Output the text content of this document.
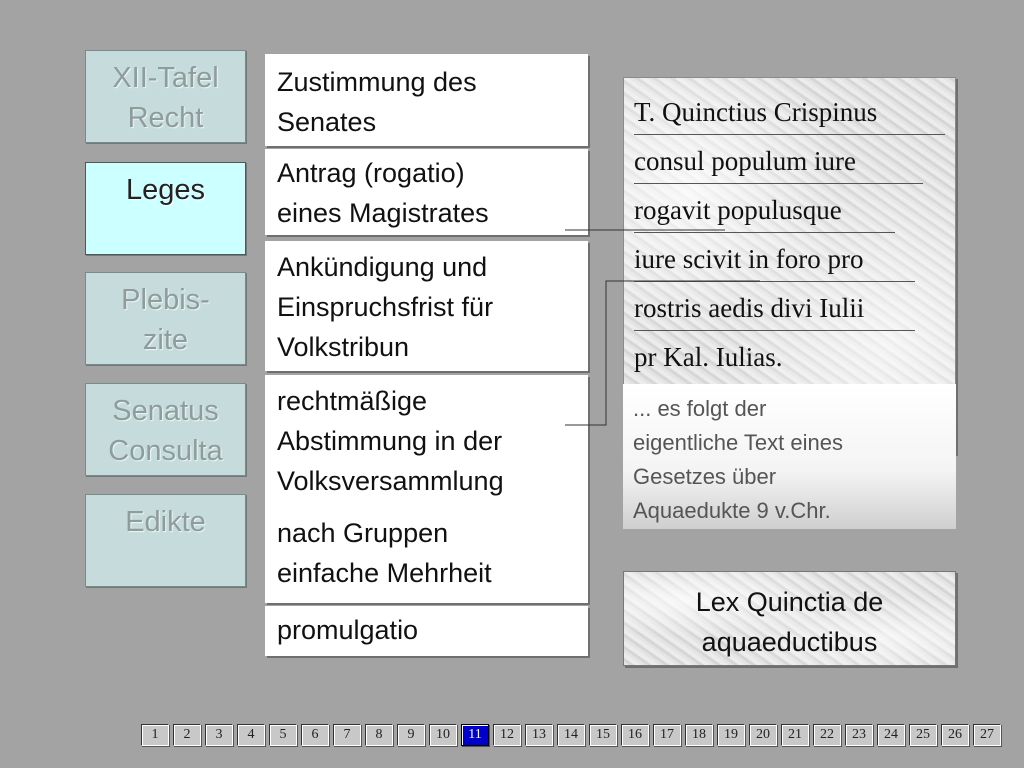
XII-Tafel
Recht
Leges
Plebis-
zite
Senatus
Consulta
Edikte
Zustimmung des
Senates
Antrag (rogatio)
eines Magistrates
Ankündigung und
Einspruchsfrist für
Volkstribun
rechtmäßige
Abstimmung in der
Volksversammlung
nach Gruppen
einfache Mehrheit
promulgatio
T. Quinctius Crispinus
consul populum iure
rogavit populusque
iure scivit in foro pro
rostris aedis divi Iulii
pr Kal. Iulias.
... es folgt der
eigentliche Text eines
Gesetzes über
Aquaedukte 9 v.Chr.
Lex Quinctia de
aquaeductibus
1	2	3	4	5	6	7	8	9	10	11	12	13	14	15	16	17	18	19	20	21	22	23	24	25	26	27
